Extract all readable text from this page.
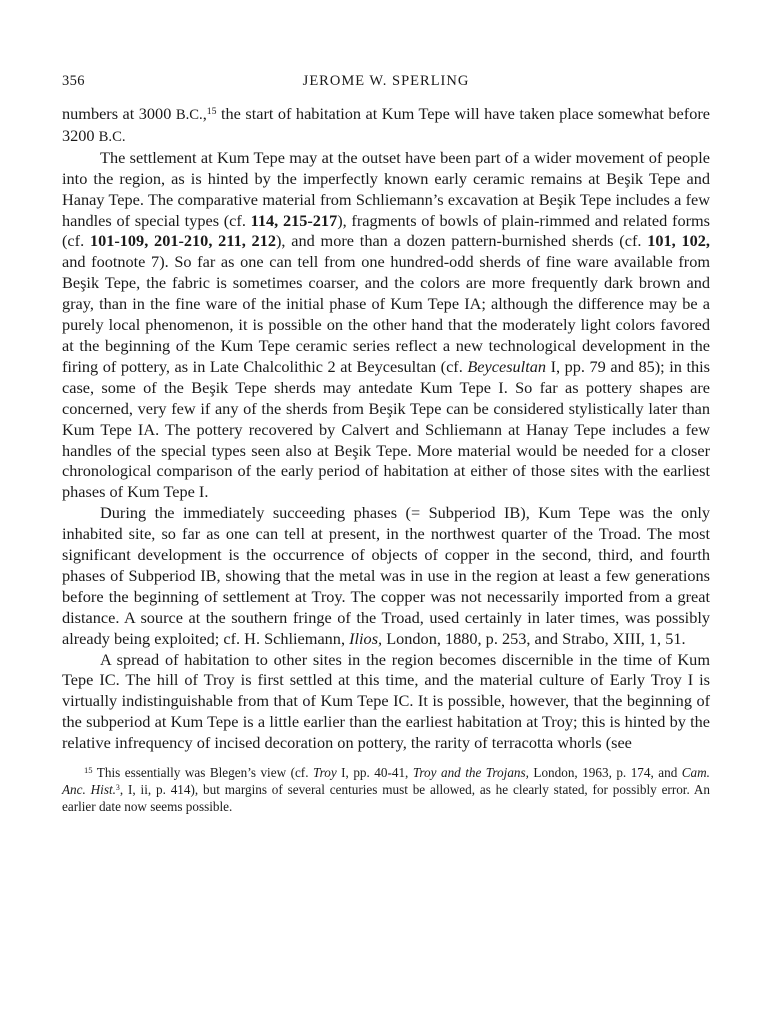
356	JEROME W. SPERLING

numbers at 3000 B.C.,$^{15}$ the start of habitation at Kum Tepe will have taken place somewhat before 3200 B.C.

The settlement at Kum Tepe may at the outset have been part of a wider movement of people into the region, as is hinted by the imperfectly known early ceramic remains at Beşik Tepe and Hanay Tepe. The comparative material from Schliemann’s excavation at Beşik Tepe includes a few handles of special types (cf. 114, 215-217), fragments of bowls of plain-rimmed and related forms (cf. 101-109, 201-210, 211, 212), and more than a dozen pattern-burnished sherds (cf. 101, 102, and footnote 7). So far as one can tell from one hundred-odd sherds of fine ware available from Beşik Tepe, the fabric is sometimes coarser, and the colors are more frequently dark brown and gray, than in the fine ware of the initial phase of Kum Tepe IA; although the difference may be a purely local phenomenon, it is possible on the other hand that the moderately light colors favored at the beginning of the Kum Tepe ceramic series reflect a new technological development in the firing of pottery, as in Late Chalcolithic 2 at Beycesultan (cf. Beycesultan I, pp. 79 and 85); in this case, some of the Beşik Tepe sherds may antedate Kum Tepe I. So far as pottery shapes are concerned, very few if any of the sherds from Beşik Tepe can be considered stylistically later than Kum Tepe IA. The pottery recovered by Calvert and Schliemann at Hanay Tepe includes a few handles of the special types seen also at Beşik Tepe. More material would be needed for a closer chronological comparison of the early period of habitation at either of those sites with the earliest phases of Kum Tepe I.

During the immediately succeeding phases (= Subperiod IB), Kum Tepe was the only inhabited site, so far as one can tell at present, in the northwest quarter of the Troad. The most significant development is the occurrence of objects of copper in the second, third, and fourth phases of Subperiod IB, showing that the metal was in use in the region at least a few generations before the beginning of settlement at Troy. The copper was not necessarily imported from a great distance. A source at the southern fringe of the Troad, used certainly in later times, was possibly already being exploited; cf. H. Schliemann, Ilios, London, 1880, p. 253, and Strabo, XIII, 1, 51.

A spread of habitation to other sites in the region becomes discernible in the time of Kum Tepe IC. The hill of Troy is first settled at this time, and the material culture of Early Troy I is virtually indistinguishable from that of Kum Tepe IC. It is possible, however, that the beginning of the subperiod at Kum Tepe is a little earlier than the earliest habitation at Troy; this is hinted by the relative infrequency of incised decoration on pottery, the rarity of terracotta whorls (see

$^{15}$ This essentially was Blegen’s view (cf. Troy I, pp. 40-41, Troy and the Trojans, London, 1963, p. 174, and Cam. Anc. Hist.$^3$, I, ii, p. 414), but margins of several centuries must be allowed, as he clearly stated, for possibly error. An earlier date now seems possible.
